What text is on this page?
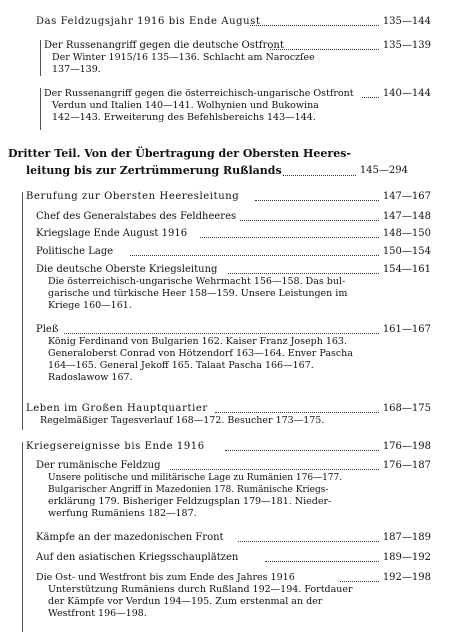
Das Feldzugsjahr 1916 bis Ende August	135—144
Der Russenangriff gegen die deutsche Ostfront	135—139
Der Winter 1915/16 135—136. Schlacht am Naroczſee
137—139.
Der Russenangriff gegen die österreichisch-ungarische Ostfront	140—144
Verdun und Italien 140—141. Wolhynien und Bukowina
142—143. Erweiterung des Befehlsbereichs 143—144.
Dritter Teil. Von der Übertragung der Obersten Heeres-
leitung bis zur Zertrümmerung Rußlands	145—294
Berufung zur Obersten Heeresleitung	147—167
Chef des Generalstabes des Feldheeres	147—148
Kriegslage Ende August 1916	148—150
Politische Lage	150—154
Die deutsche Oberste Kriegsleitung	154—161
Die österreichisch-ungarische Wehrmacht 156—158. Das bul-
garische und türkische Heer 158—159. Unsere Leistungen im
Kriege 160—161.
Pleß	161—167
König Ferdinand von Bulgarien 162. Kaiser Franz Joseph 163.
Generaloberst Conrad von Hötzendorf 163—164. Enver Pascha
164—165. General Jekoff 165. Talaat Pascha 166—167.
Radoslawow 167.
Leben im Großen Hauptquartier	168—175
Regelmäßiger Tagesverlauf 168—172. Besucher 173—175.
Kriegsereignisse bis Ende 1916	176—198
Der rumänische Feldzug	176—187
Unsere politische und militärische Lage zu Rumänien 176—177.
Bulgarischer Angriff in Mazedonien 178. Rumänische Kriegs-
erklärung 179. Bisheriger Feldzugsplan 179—181. Nieder-
werfung Rumäniens 182—187.
Kämpfe an der mazedonischen Front	187—189
Auf den asiatischen Kriegsschauplätzen	189—192
Die Ost- und Westfront bis zum Ende des Jahres 1916	192—198
Unterstützung Rumäniens durch Rußland 192—194. Fortdauer
der Kämpfe vor Verdun 194—195. Zum erstenmal an der
Westfront 196—198.
